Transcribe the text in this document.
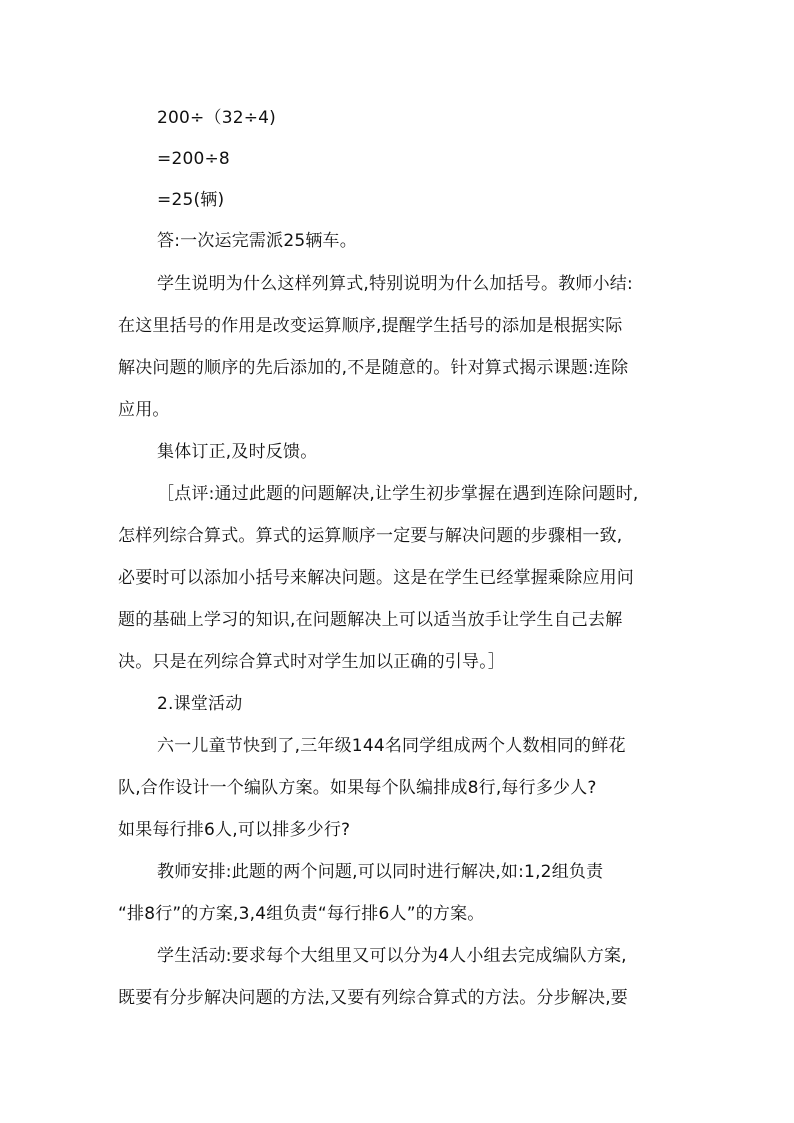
200÷（32÷4)
=200÷8
=25(辆)
答:一次运完需派25辆车。
学生说明为什么这样列算式,特别说明为什么加括号。教师小结:
在这里括号的作用是改变运算顺序,提醒学生括号的添加是根据实际
解决问题的顺序的先后添加的,不是随意的。针对算式揭示课题:连除
应用。
集体订正,及时反馈。
［点评:通过此题的问题解决,让学生初步掌握在遇到连除问题时,
怎样列综合算式。算式的运算顺序一定要与解决问题的步骤相一致,
必要时可以添加小括号来解决问题。这是在学生已经掌握乘除应用问
题的基础上学习的知识,在问题解决上可以适当放手让学生自己去解
决。只是在列综合算式时对学生加以正确的引导。］
2.课堂活动
六一儿童节快到了,三年级144名同学组成两个人数相同的鲜花
队,合作设计一个编队方案。如果每个队编排成8行,每行多少人?
如果每行排6人,可以排多少行?
教师安排:此题的两个问题,可以同时进行解决,如:1,2组负责
“排8行”的方案,3,4组负责“每行排6人”的方案。
学生活动:要求每个大组里又可以分为4人小组去完成编队方案,
既要有分步解决问题的方法,又要有列综合算式的方法。分步解决,要
